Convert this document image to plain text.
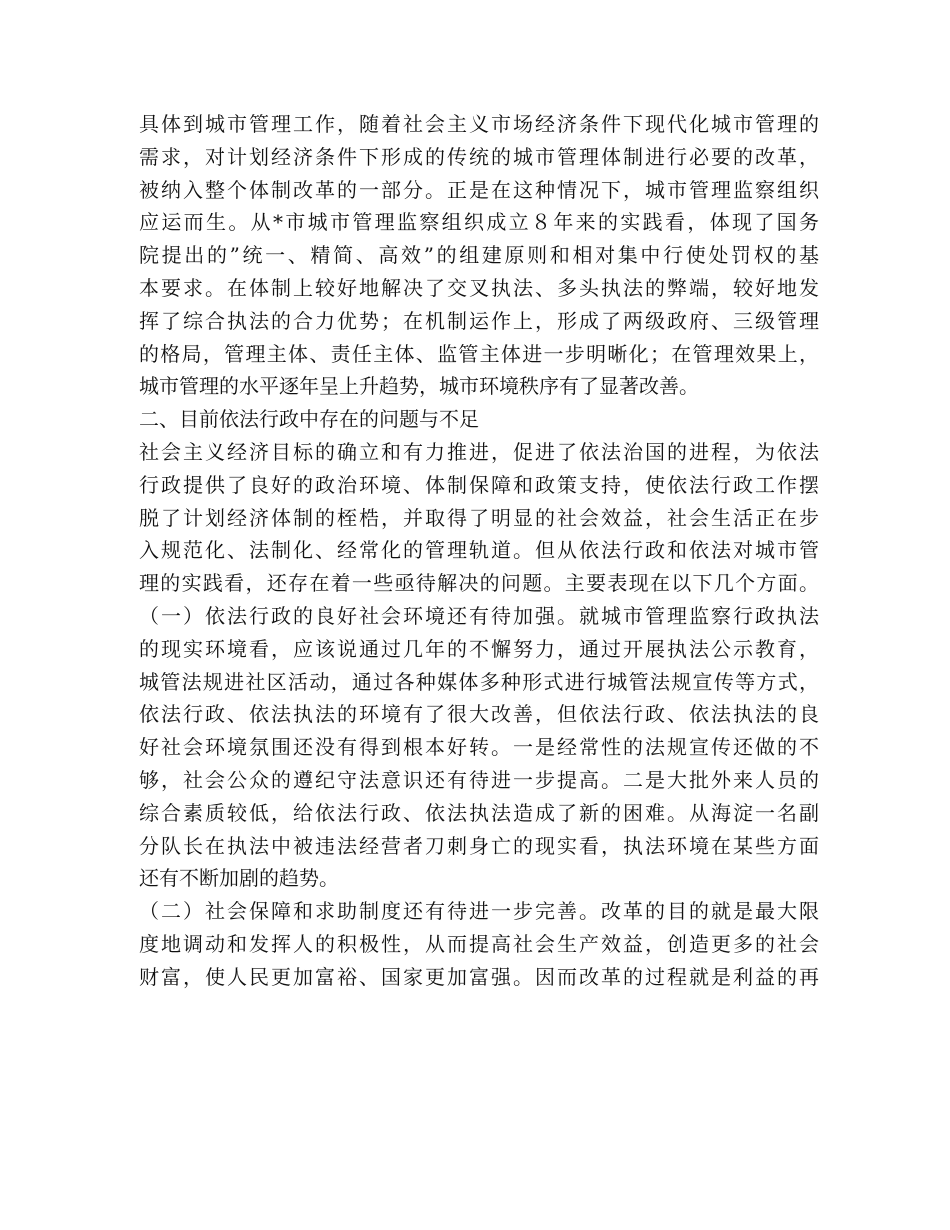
具体到城市管理工作，随着社会主义市场经济条件下现代化城市管理的
需求，对计划经济条件下形成的传统的城市管理体制进行必要的改革，
被纳入整个体制改革的一部分。正是在这种情况下，城市管理监察组织
应运而生。从*市城市管理监察组织成立８年来的实践看，体现了国务
院提出的”统一、精简、高效”的组建原则和相对集中行使处罚权的基
本要求。在体制上较好地解决了交叉执法、多头执法的弊端，较好地发
挥了综合执法的合力优势；在机制运作上，形成了两级政府、三级管理
的格局，管理主体、责任主体、监管主体进一步明晰化；在管理效果上，
城市管理的水平逐年呈上升趋势，城市环境秩序有了显著改善。
二、目前依法行政中存在的问题与不足
社会主义经济目标的确立和有力推进，促进了依法治国的进程，为依法
行政提供了良好的政治环境、体制保障和政策支持，使依法行政工作摆
脱了计划经济体制的桎梏，并取得了明显的社会效益，社会生活正在步
入规范化、法制化、经常化的管理轨道。但从依法行政和依法对城市管
理的实践看，还存在着一些亟待解决的问题。主要表现在以下几个方面。
（一）依法行政的良好社会环境还有待加强。就城市管理监察行政执法
的现实环境看，应该说通过几年的不懈努力，通过开展执法公示教育，
城管法规进社区活动，通过各种媒体多种形式进行城管法规宣传等方式，
依法行政、依法执法的环境有了很大改善，但依法行政、依法执法的良
好社会环境氛围还没有得到根本好转。一是经常性的法规宣传还做的不
够，社会公众的遵纪守法意识还有待进一步提高。二是大批外来人员的
综合素质较低，给依法行政、依法执法造成了新的困难。从海淀一名副
分队长在执法中被违法经营者刀刺身亡的现实看，执法环境在某些方面
还有不断加剧的趋势。
（二）社会保障和求助制度还有待进一步完善。改革的目的就是最大限
度地调动和发挥人的积极性，从而提高社会生产效益，创造更多的社会
财富，使人民更加富裕、国家更加富强。因而改革的过程就是利益的再
